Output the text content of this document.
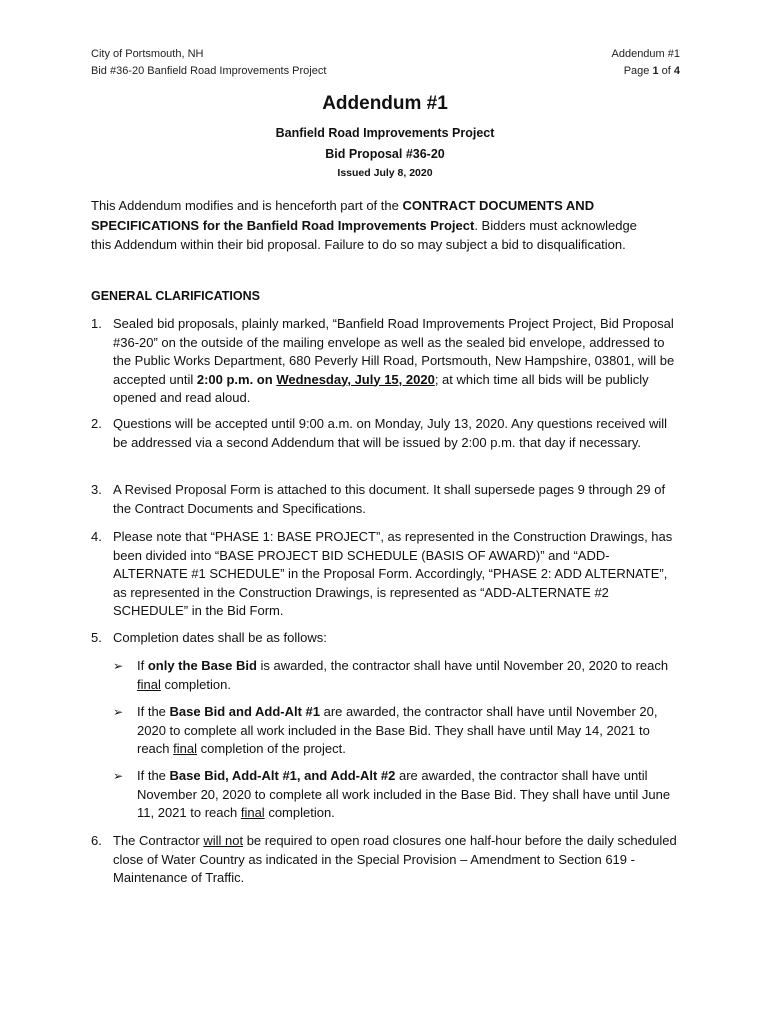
City of Portsmouth, NH
Bid #36-20 Banfield Road Improvements Project
Addendum #1
Page 1 of 4
Addendum #1
Banfield Road Improvements Project
Bid Proposal #36-20
Issued July 8, 2020
This Addendum modifies and is henceforth part of the CONTRACT DOCUMENTS AND SPECIFICATIONS for the Banfield Road Improvements Project. Bidders must acknowledge this Addendum within their bid proposal. Failure to do so may subject a bid to disqualification.
GENERAL CLARIFICATIONS
1. Sealed bid proposals, plainly marked, “Banfield Road Improvements Project Project, Bid Proposal #36-20” on the outside of the mailing envelope as well as the sealed bid envelope, addressed to the Public Works Department, 680 Peverly Hill Road, Portsmouth, New Hampshire, 03801, will be accepted until 2:00 p.m. on Wednesday, July 15, 2020; at which time all bids will be publicly opened and read aloud.
2. Questions will be accepted until 9:00 a.m. on Monday, July 13, 2020. Any questions received will be addressed via a second Addendum that will be issued by 2:00 p.m. that day if necessary.
3. A Revised Proposal Form is attached to this document. It shall supersede pages 9 through 29 of the Contract Documents and Specifications.
4. Please note that “PHASE 1: BASE PROJECT”, as represented in the Construction Drawings, has been divided into “BASE PROJECT BID SCHEDULE (BASIS OF AWARD)” and “ADD-ALTERNATE #1 SCHEDULE” in the Proposal Form. Accordingly, “PHASE 2: ADD ALTERNATE”, as represented in the Construction Drawings, is represented as “ADD-ALTERNATE #2 SCHEDULE” in the Bid Form.
5. Completion dates shall be as follows:
➢	If only the Base Bid is awarded, the contractor shall have until November 20, 2020 to reach final completion.
➢	If the Base Bid and Add-Alt #1 are awarded, the contractor shall have until November 20, 2020 to complete all work included in the Base Bid. They shall have until May 14, 2021 to reach final completion of the project.
➢	If the Base Bid, Add-Alt #1, and Add-Alt #2 are awarded, the contractor shall have until November 20, 2020 to complete all work included in the Base Bid. They shall have until June 11, 2021 to reach final completion.
6. The Contractor will not be required to open road closures one half-hour before the daily scheduled close of Water Country as indicated in the Special Provision – Amendment to Section 619 - Maintenance of Traffic.
